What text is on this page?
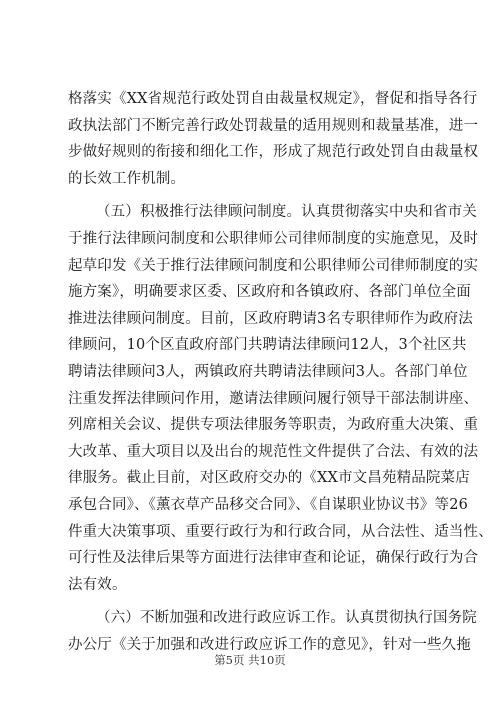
格落实《XX省规范行政处罚自由裁量权规定》，督促和指导各行
政执法部门不断完善行政处罚裁量的适用规则和裁量基准，进一
步做好规则的衔接和细化工作，形成了规范行政处罚自由裁量权
的长效工作机制。
（五）积极推行法律顾问制度。认真贯彻落实中央和省市关
于推行法律顾问制度和公职律师公司律师制度的实施意见，及时
起草印发《关于推行法律顾问制度和公职律师公司律师制度的实
施方案》，明确要求区委、区政府和各镇政府、各部门单位全面
推进法律顾问制度。目前，区政府聘请3名专职律师作为政府法
律顾问，10个区直政府部门共聘请法律顾问12人，3个社区共
聘请法律顾问3人，两镇政府共聘请法律顾问3人。各部门单位
注重发挥法律顾问作用，邀请法律顾问履行领导干部法制讲座、
列席相关会议、提供专项法律服务等职责，为政府重大决策、重
大改革、重大项目以及出台的规范性文件提供了合法、有效的法
律服务。截止目前，对区政府交办的《XX市文昌苑精品院菜店
承包合同》、《薰衣草产品移交合同》、《自谋职业协议书》等26
件重大决策事项、重要行政行为和行政合同，从合法性、适当性、
可行性及法律后果等方面进行法律审查和论证，确保行政行为合
法有效。
（六）不断加强和改进行政应诉工作。认真贯彻执行国务院
办公厅《关于加强和改进行政应诉工作的意见》，针对一些久拖
第5页 共10页
